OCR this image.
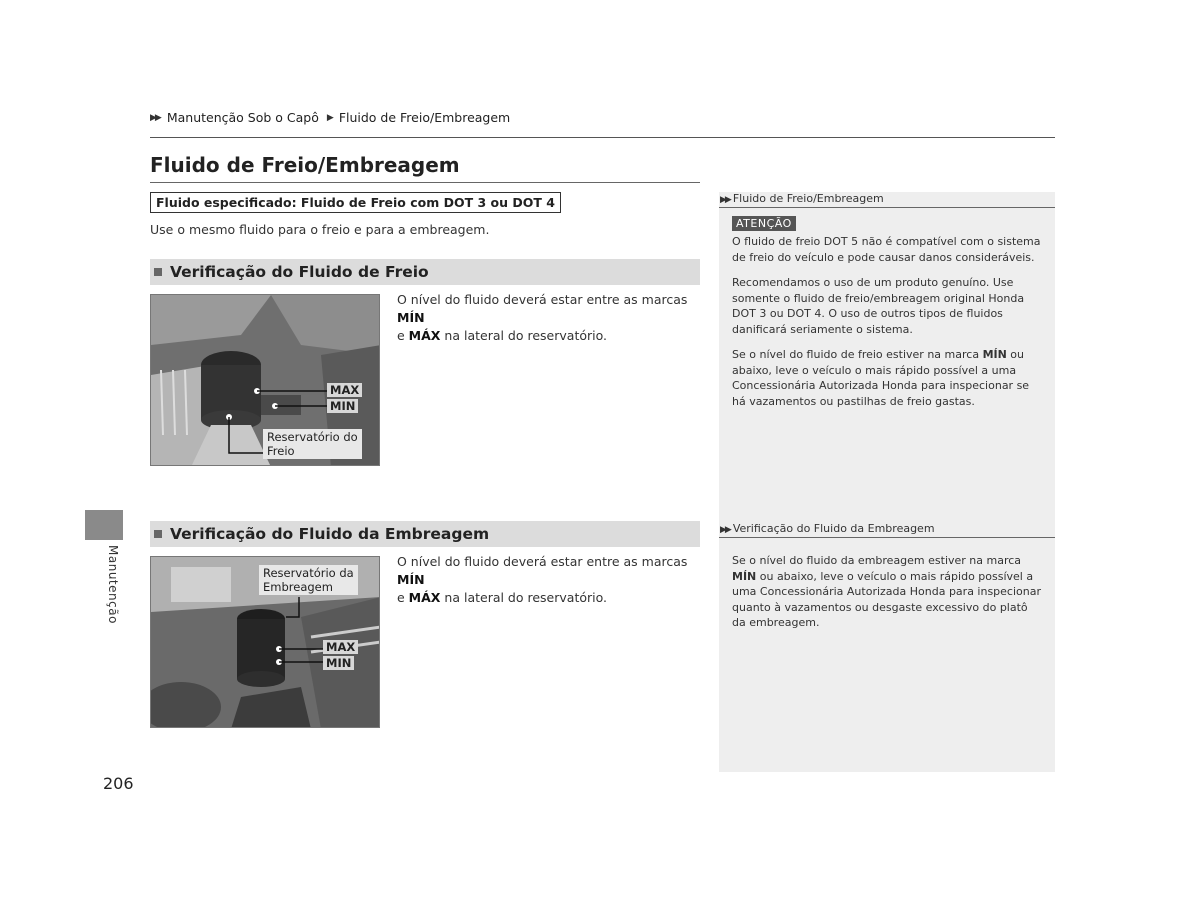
▶▶ Manutenção Sob o Capô ▶ Fluido de Freio/Embreagem
Fluido de Freio/Embreagem
Fluido especificado: Fluido de Freio com DOT 3 ou DOT 4
Use o mesmo fluido para o freio e para a embreagem.
Verificação do Fluido de Freio
MAX
MIN
Reservatório do
Freio
O nível do fluido deverá estar entre as marcas MÍN
e MÁX na lateral do reservatório.
Verificação do Fluido da Embreagem
Reservatório da
Embreagem
MAX
MIN
O nível do fluido deverá estar entre as marcas MÍN
e MÁX na lateral do reservatório.
▶▶ Fluido de Freio/Embreagem
ATENÇÃO
O fluido de freio DOT 5 não é compatível com o sistema de freio do veículo e pode causar danos consideráveis.
Recomendamos o uso de um produto genuíno. Use somente o fluido de freio/embreagem original Honda DOT 3 ou DOT 4. O uso de outros tipos de fluidos danificará seriamente o sistema.
Se o nível do fluido de freio estiver na marca MÍN ou abaixo, leve o veículo o mais rápido possível a uma Concessionária Autorizada Honda para inspecionar se há vazamentos ou pastilhas de freio gastas.
▶▶ Verificação do Fluido da Embreagem
Se o nível do fluido da embreagem estiver na marca MÍN ou abaixo, leve o veículo o mais rápido possível a uma Concessionária Autorizada Honda para inspecionar quanto à vazamentos ou desgaste excessivo do platô da embreagem.
Manutenção
206
